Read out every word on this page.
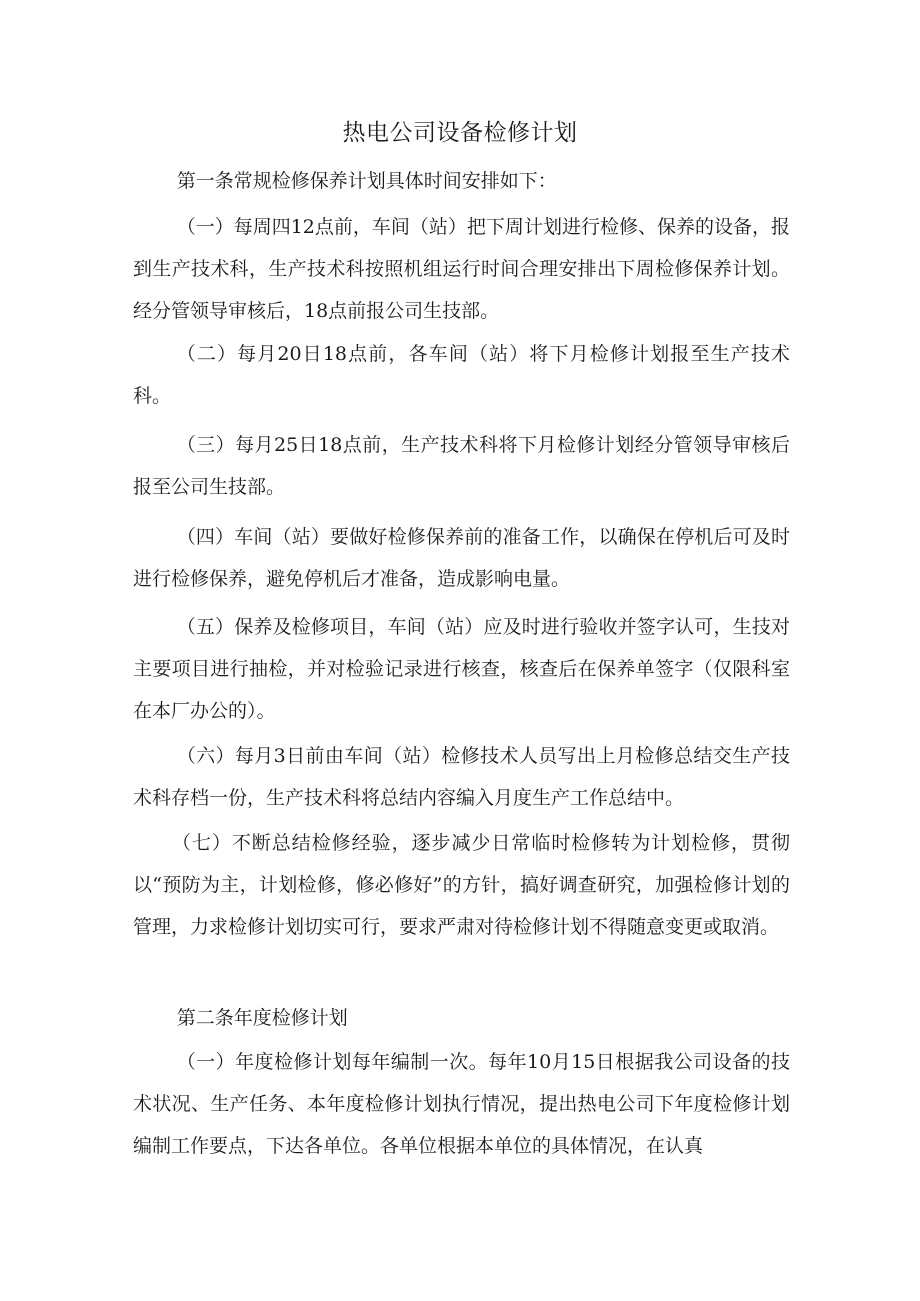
热电公司设备检修计划

第一条常规检修保养计划具体时间安排如下：

（一）每周四12点前，车间（站）把下周计划进行检修、保养的设备，报到生产技术科，生产技术科按照机组运行时间合理安排出下周检修保养计划。经分管领导审核后，18点前报公司生技部。

（二）每月20日18点前，各车间（站）将下月检修计划报至生产技术科。

（三）每月25日18点前，生产技术科将下月检修计划经分管领导审核后报至公司生技部。

（四）车间（站）要做好检修保养前的准备工作，以确保在停机后可及时进行检修保养，避免停机后才准备，造成影响电量。

（五）保养及检修项目，车间（站）应及时进行验收并签字认可，生技对主要项目进行抽检，并对检验记录进行核查，核查后在保养单签字（仅限科室在本厂办公的）。

（六）每月3日前由车间（站）检修技术人员写出上月检修总结交生产技术科存档一份，生产技术科将总结内容编入月度生产工作总结中。

（七）不断总结检修经验，逐步减少日常临时检修转为计划检修，贯彻以“预防为主，计划检修，修必修好”的方针，搞好调查研究，加强检修计划的管理，力求检修计划切实可行，要求严肃对待检修计划不得随意变更或取消。

第二条年度检修计划

（一）年度检修计划每年编制一次。每年10月15日根据我公司设备的技术状况、生产任务、本年度检修计划执行情况，提出热电公司下年度检修计划编制工作要点，下达各单位。各单位根据本单位的具体情况，在认真
